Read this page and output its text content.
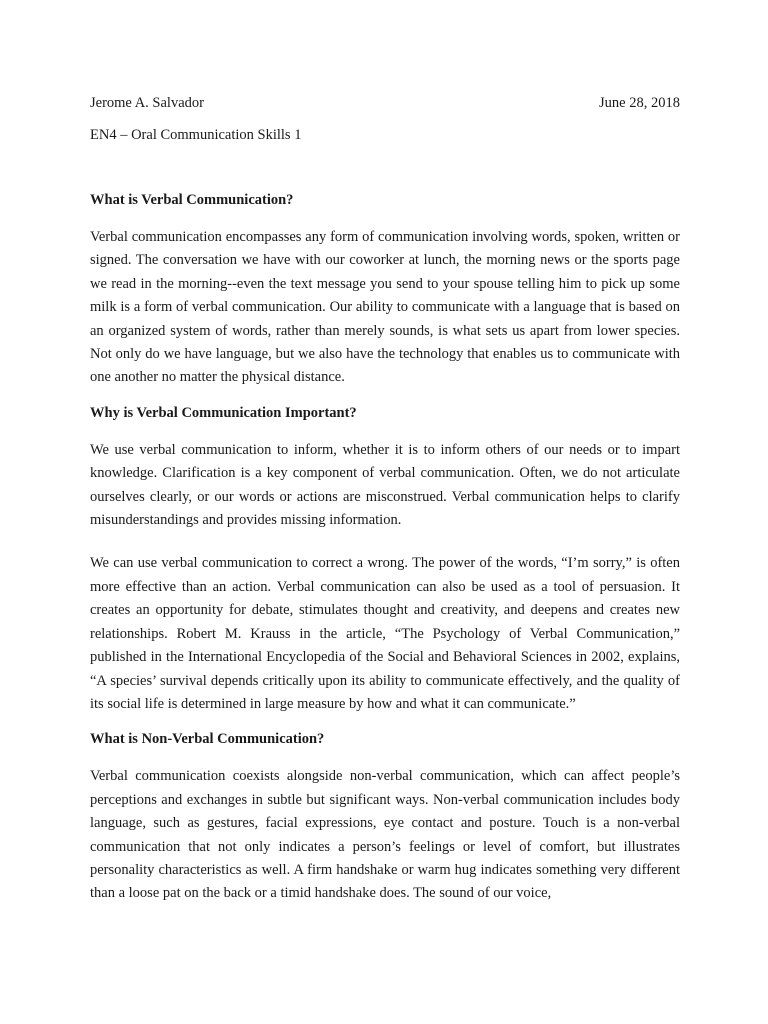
Jerome A. Salvador	June 28, 2018
EN4 – Oral Communication Skills 1
What is Verbal Communication?

Verbal communication encompasses any form of communication involving words, spoken, written or signed. The conversation we have with our coworker at lunch, the morning news or the sports page we read in the morning--even the text message you send to your spouse telling him to pick up some milk is a form of verbal communication. Our ability to communicate with a language that is based on an organized system of words, rather than merely sounds, is what sets us apart from lower species. Not only do we have language, but we also have the technology that enables us to communicate with one another no matter the physical distance.

Why is Verbal Communication Important?

We use verbal communication to inform, whether it is to inform others of our needs or to impart knowledge. Clarification is a key component of verbal communication. Often, we do not articulate ourselves clearly, or our words or actions are misconstrued. Verbal communication helps to clarify misunderstandings and provides missing information.

We can use verbal communication to correct a wrong. The power of the words, “I’m sorry,” is often more effective than an action. Verbal communication can also be used as a tool of persuasion. It creates an opportunity for debate, stimulates thought and creativity, and deepens and creates new relationships. Robert M. Krauss in the article, “The Psychology of Verbal Communication,” published in the International Encyclopedia of the Social and Behavioral Sciences in 2002, explains, “A species’ survival depends critically upon its ability to communicate effectively, and the quality of its social life is determined in large measure by how and what it can communicate.”

What is Non-Verbal Communication?

Verbal communication coexists alongside non-verbal communication, which can affect people’s perceptions and exchanges in subtle but significant ways. Non-verbal communication includes body language, such as gestures, facial expressions, eye contact and posture. Touch is a non-verbal communication that not only indicates a person’s feelings or level of comfort, but illustrates personality characteristics as well. A firm handshake or warm hug indicates something very different than a loose pat on the back or a timid handshake does. The sound of our voice,
